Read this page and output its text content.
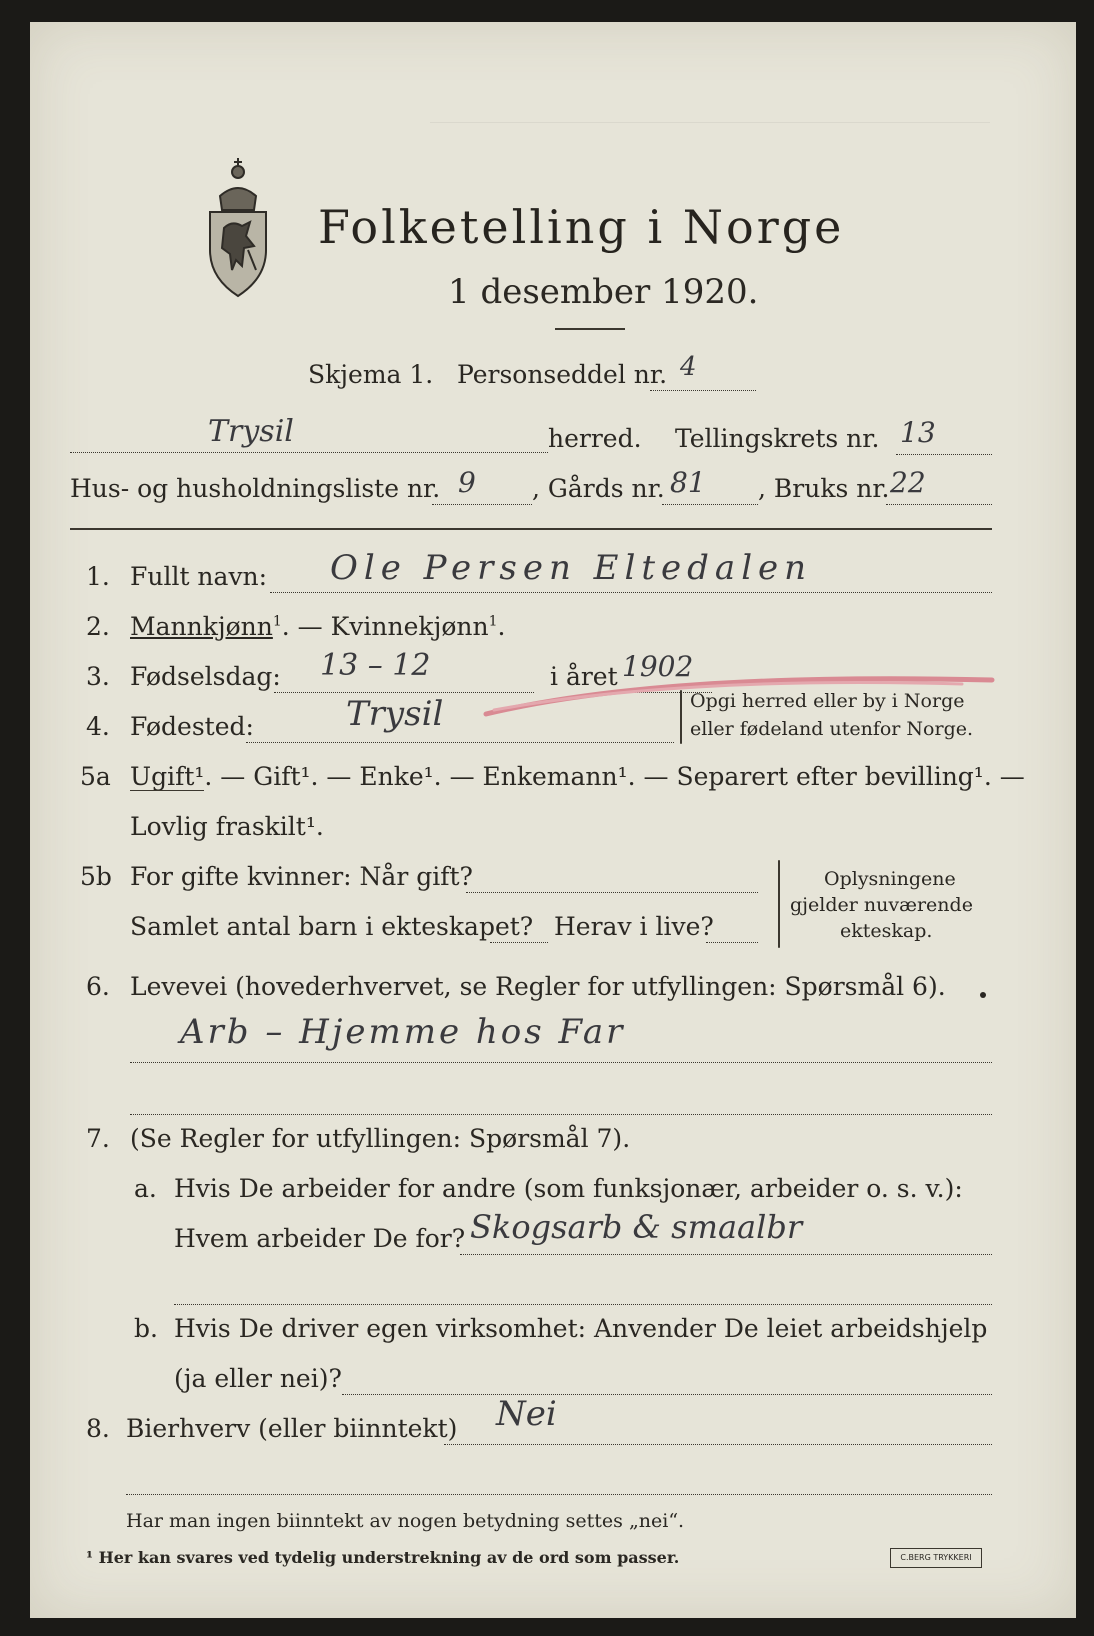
Folketelling i Norge
1 desember 1920.
Skjema 1. Personseddel nr. 4
Trysil	herred. Tellingskrets nr. 13
Hus- og husholdningsliste nr. 9 , Gårds nr. 81 , Bruks nr. 22
1. Fullt navn: Ole Persen Eltedalen
2. Mannkjønn$^1$. — Kvinnekjønn$^1$.
3. Fødselsdag: 13 – 12	i året 1902
4. Fødested:	Trysil	Opgi herred eller by i Norge
eller fødeland utenfor Norge.
5a Ugift¹. — Gift¹. — Enke¹. — Enkemann¹. — Separert efter bevilling¹. —
Lovlig fraskilt¹.
5b For gifte kvinner: Når gift?
Samlet antal barn i ekteskapet? Herav i live?
Oplysningene
gjelder nuværende
ekteskap.
6. Levevei (hovederhvervet, se Regler for utfyllingen: Spørsmål 6).
Arb – Hjemme hos Far
7. (Se Regler for utfyllingen: Spørsmål 7).
a. Hvis De arbeider for andre (som funksjonær, arbeider o. s. v.):
Hvem arbeider De for? Skogsarb & smaalbr
b. Hvis De driver egen virksomhet: Anvender De leiet arbeidshjelp
(ja eller nei)?
8. Bierhverv (eller biinntekt) Nei
Har man ingen biinntekt av nogen betydning settes „nei“.
¹ Her kan svares ved tydelig understrekning av de ord som passer.	C.BERG TRYKKERI
